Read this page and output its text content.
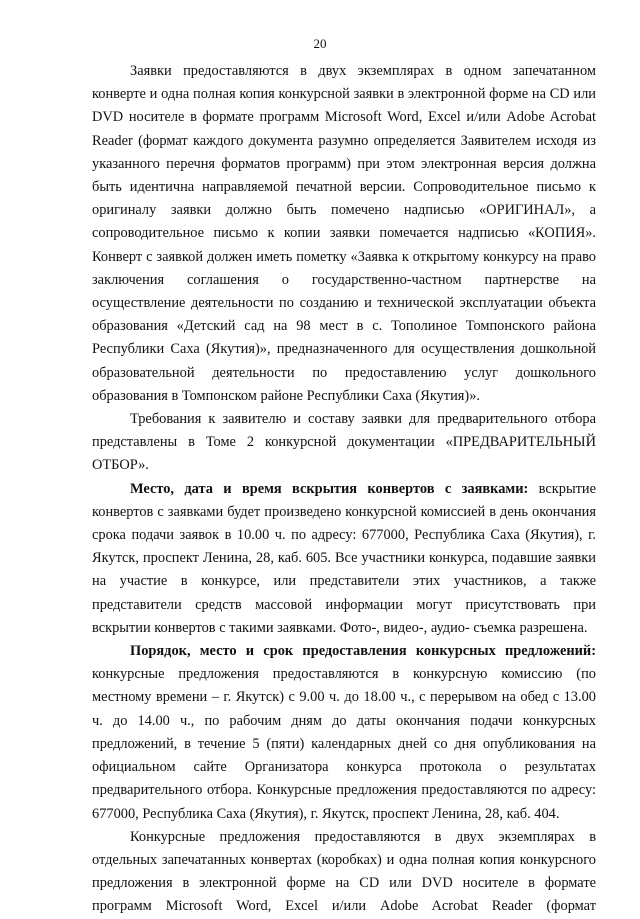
20

Заявки предоставляются в двух экземплярах в одном запечатанном конверте и одна полная копия конкурсной заявки в электронной форме на CD или DVD носителе в формате программ Microsoft Word, Excel и/или Adobe Acrobat Reader (формат каждого документа разумно определяется Заявителем исходя из указанного перечня форматов программ) при этом электронная версия должна быть идентична направляемой печатной версии. Сопроводительное письмо к оригиналу заявки должно быть помечено надписью «ОРИГИНАЛ», а сопроводительное письмо к копии заявки помечается надписью «КОПИЯ». Конверт с заявкой должен иметь пометку «Заявка к открытому конкурсу на право заключения соглашения о государственно-частном партнерстве на осуществление деятельности по созданию и технической эксплуатации объекта образования «Детский сад на 98 мест в с. Тополиное Томпонского района Республики Саха (Якутия)», предназначенного для осуществления дошкольной образовательной деятельности по предоставлению услуг дошкольного образования в Томпонском районе Республики Саха (Якутия)».

Требования к заявителю и составу заявки для предварительного отбора представлены в Томе 2 конкурсной документации «ПРЕДВАРИТЕЛЬНЫЙ ОТБОР».

Место, дата и время вскрытия конвертов с заявками: вскрытие конвертов с заявками будет произведено конкурсной комиссией в день окончания срока подачи заявок в 10.00 ч. по адресу: 677000, Республика Саха (Якутия), г. Якутск, проспект Ленина, 28, каб. 605. Все участники конкурса, подавшие заявки на участие в конкурсе, или представители этих участников, а также представители средств массовой информации могут присутствовать при вскрытии конвертов с такими заявками. Фото-, видео-, аудио- съемка разрешена.

Порядок, место и срок предоставления конкурсных предложений: конкурсные предложения предоставляются в конкурсную комиссию (по местному времени – г. Якутск) с 9.00 ч. до 18.00 ч., с перерывом на обед с 13.00 ч. до 14.00 ч., по рабочим дням до даты окончания подачи конкурсных предложений, в течение 5 (пяти) календарных дней со дня опубликования на официальном сайте Организатора конкурса протокола о результатах предварительного отбора. Конкурсные предложения предоставляются по адресу: 677000, Республика Саха (Якутия), г. Якутск, проспект Ленина, 28, каб. 404.

Конкурсные предложения предоставляются в двух экземплярах в отдельных запечатанных конвертах (коробках) и одна полная копия конкурсного предложения в электронной форме на CD или DVD носителе в формате программ Microsoft Word, Excel и/или Adobe Acrobat Reader (формат
